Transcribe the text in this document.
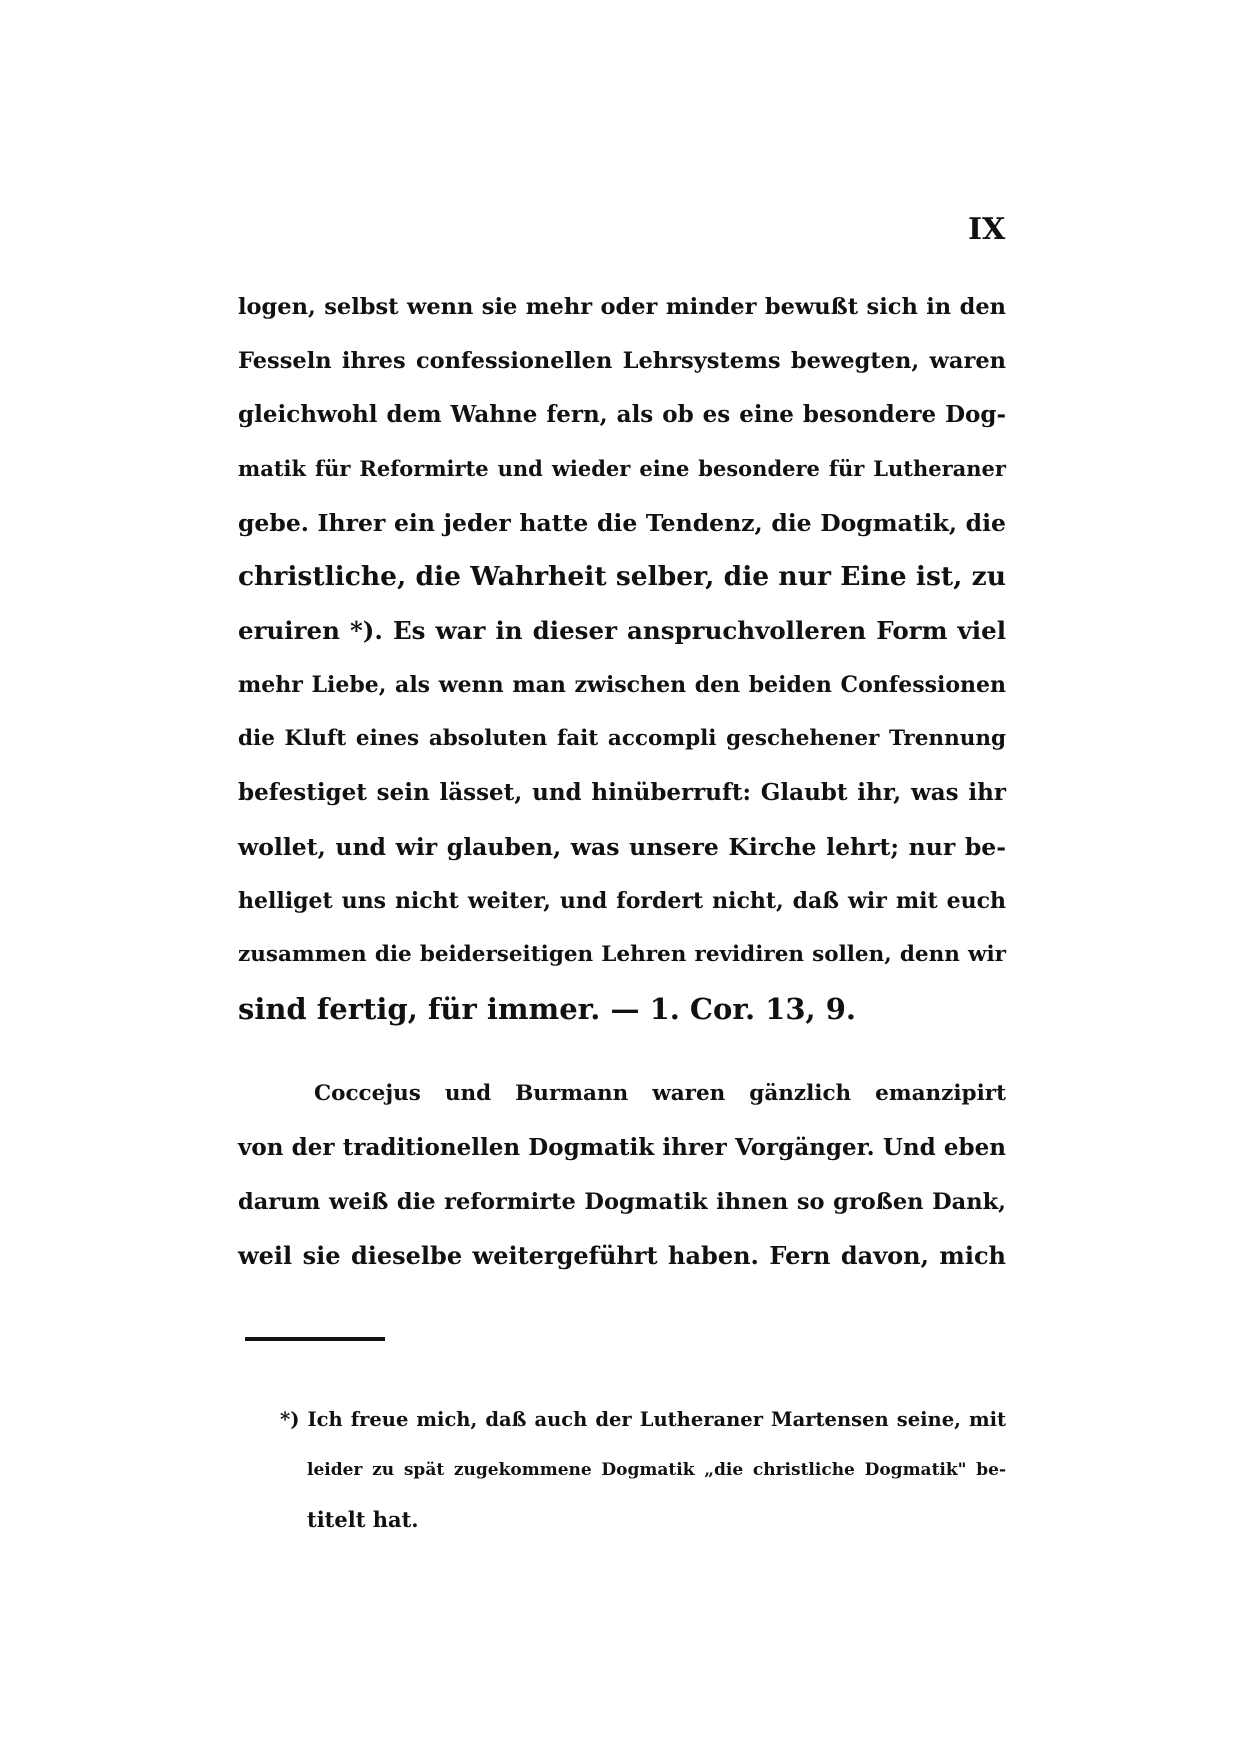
IX
logen, selbst wenn sie mehr oder minder bewußt sich in den
Fesseln ihres confessionellen Lehrsystems bewegten, waren
gleichwohl dem Wahne fern, als ob es eine besondere Dog-
matik für Reformirte und wieder eine besondere für Lutheraner
gebe. Ihrer ein jeder hatte die Tendenz, die Dogmatik, die
christliche, die Wahrheit selber, die nur Eine ist, zu
eruiren *). Es war in dieser anspruchvolleren Form viel
mehr Liebe, als wenn man zwischen den beiden Confessionen
die Kluft eines absoluten fait accompli geschehener Trennung
befestiget sein lässet, und hinüberruft: Glaubt ihr, was ihr
wollet, und wir glauben, was unsere Kirche lehrt; nur be-
helliget uns nicht weiter, und fordert nicht, daß wir mit euch
zusammen die beiderseitigen Lehren revidiren sollen, denn wir
sind fertig, für immer. — 1. Cor. 13, 9.
Coccejus und Burmann waren gänzlich emanzipirt
von der traditionellen Dogmatik ihrer Vorgänger. Und eben
darum weiß die reformirte Dogmatik ihnen so großen Dank,
weil sie dieselbe weitergeführt haben. Fern davon, mich
*) Ich freue mich, daß auch der Lutheraner Martensen seine, mit
leider zu spät zugekommene Dogmatik „die christliche Dogmatik" be-
titelt hat.
